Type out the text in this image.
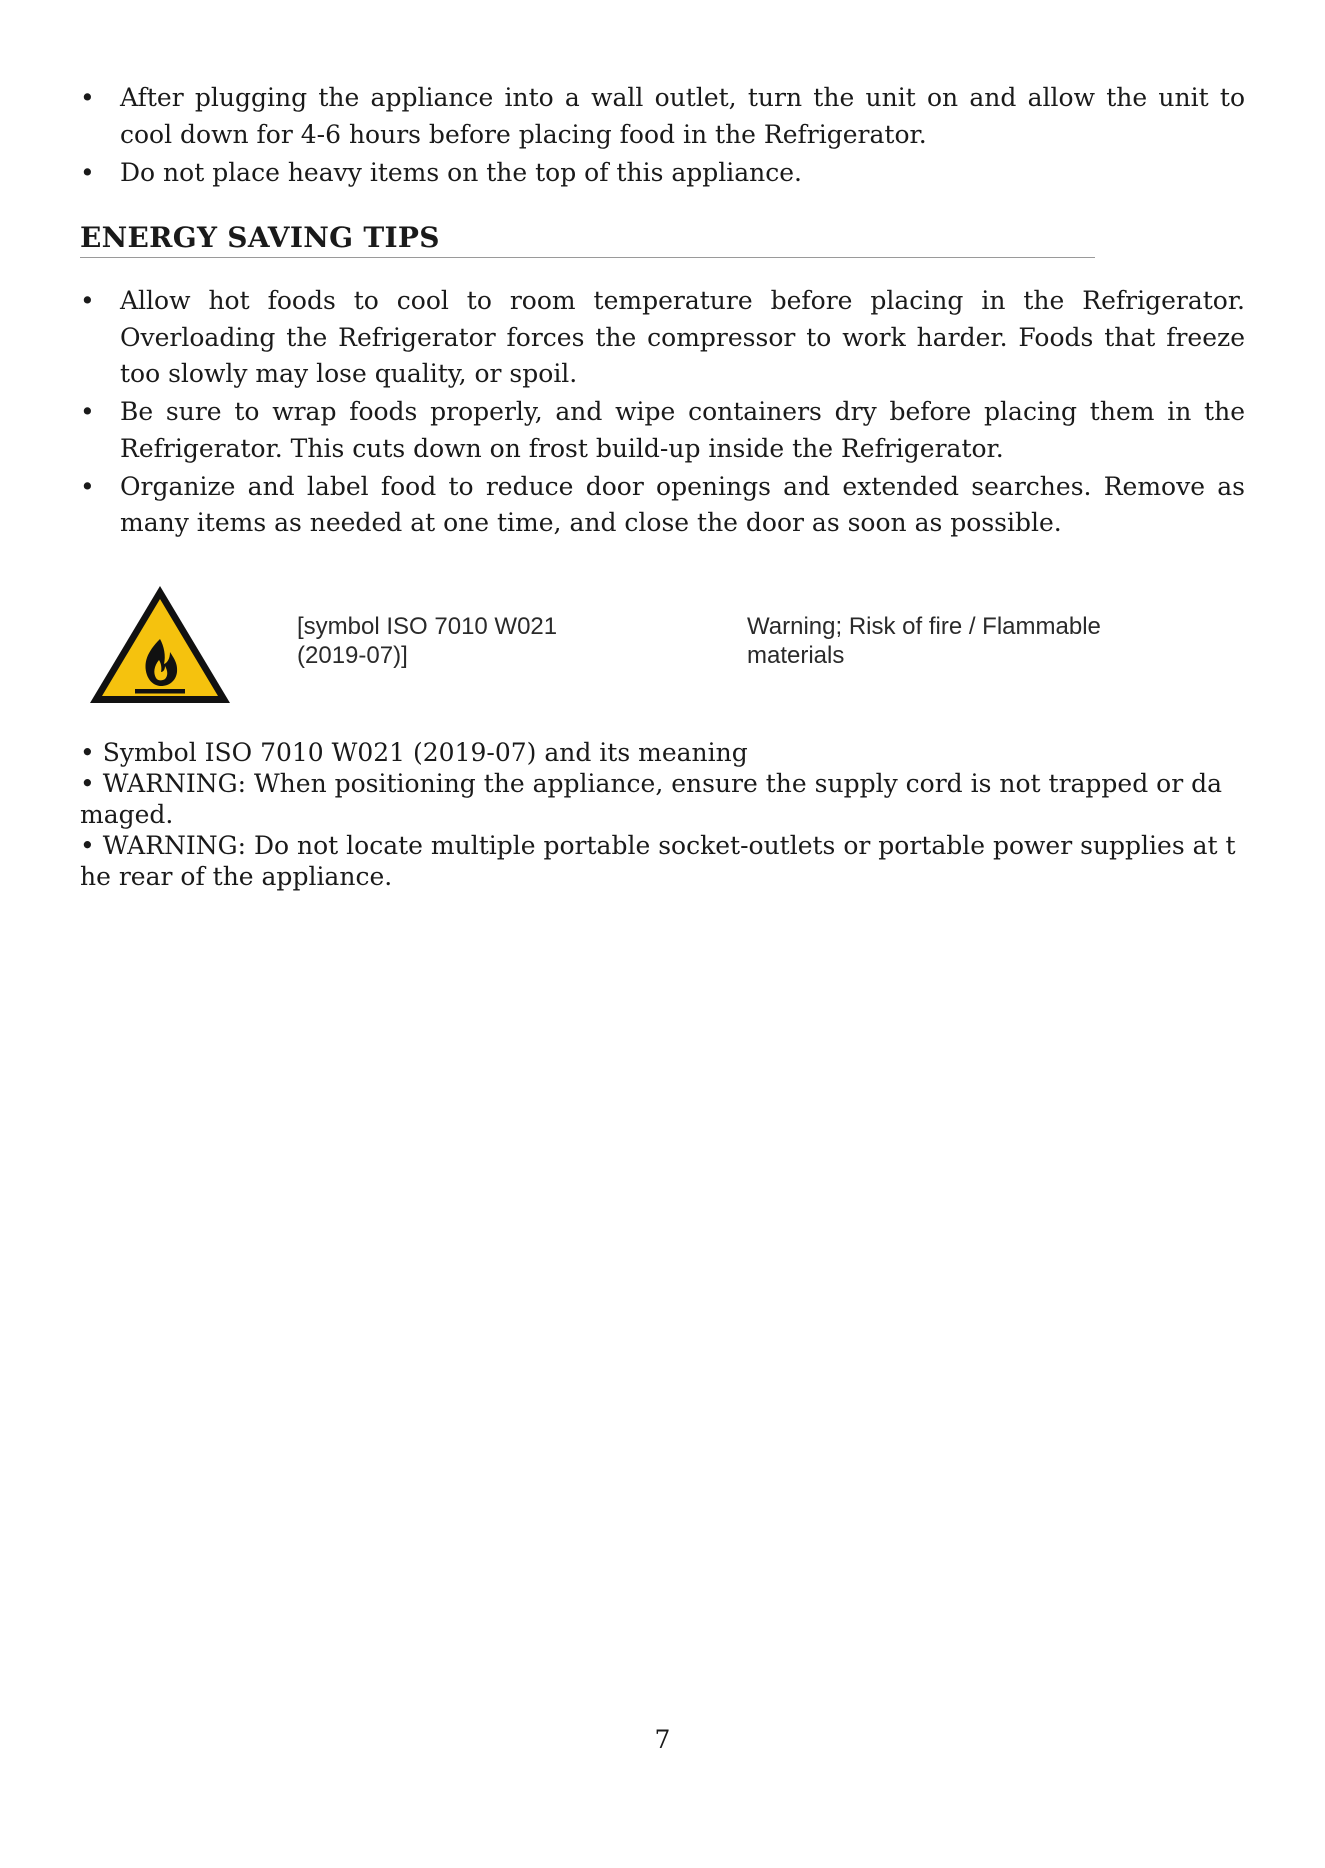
•	After plugging the appliance into a wall outlet, turn the unit on and allow the unit to cool down for 4-6 hours before placing food in the Refrigerator.
•	Do not place heavy items on the top of this appliance.
ENERGY SAVING TIPS
•	Allow hot foods to cool to room temperature before placing in the Refrigerator. Overloading the Refrigerator forces the compressor to work harder. Foods that freeze too slowly may lose quality, or spoil.
•	Be sure to wrap foods properly, and wipe containers dry before placing them in the Refrigerator. This cuts down on frost build-up inside the Refrigerator.
•	Organize and label food to reduce door openings and extended searches. Remove as many items as needed at one time, and close the door as soon as possible.
[symbol ISO 7010 W021 (2019-07)]
Warning; Risk of fire / Flammable materials

• Symbol ISO 7010 W021 (2019-07) and its meaning

• WARNING: When positioning the appliance, ensure the supply cord is not trapped or damaged.

• WARNING: Do not locate multiple portable socket-outlets or portable power supplies at the rear of the appliance.

7
